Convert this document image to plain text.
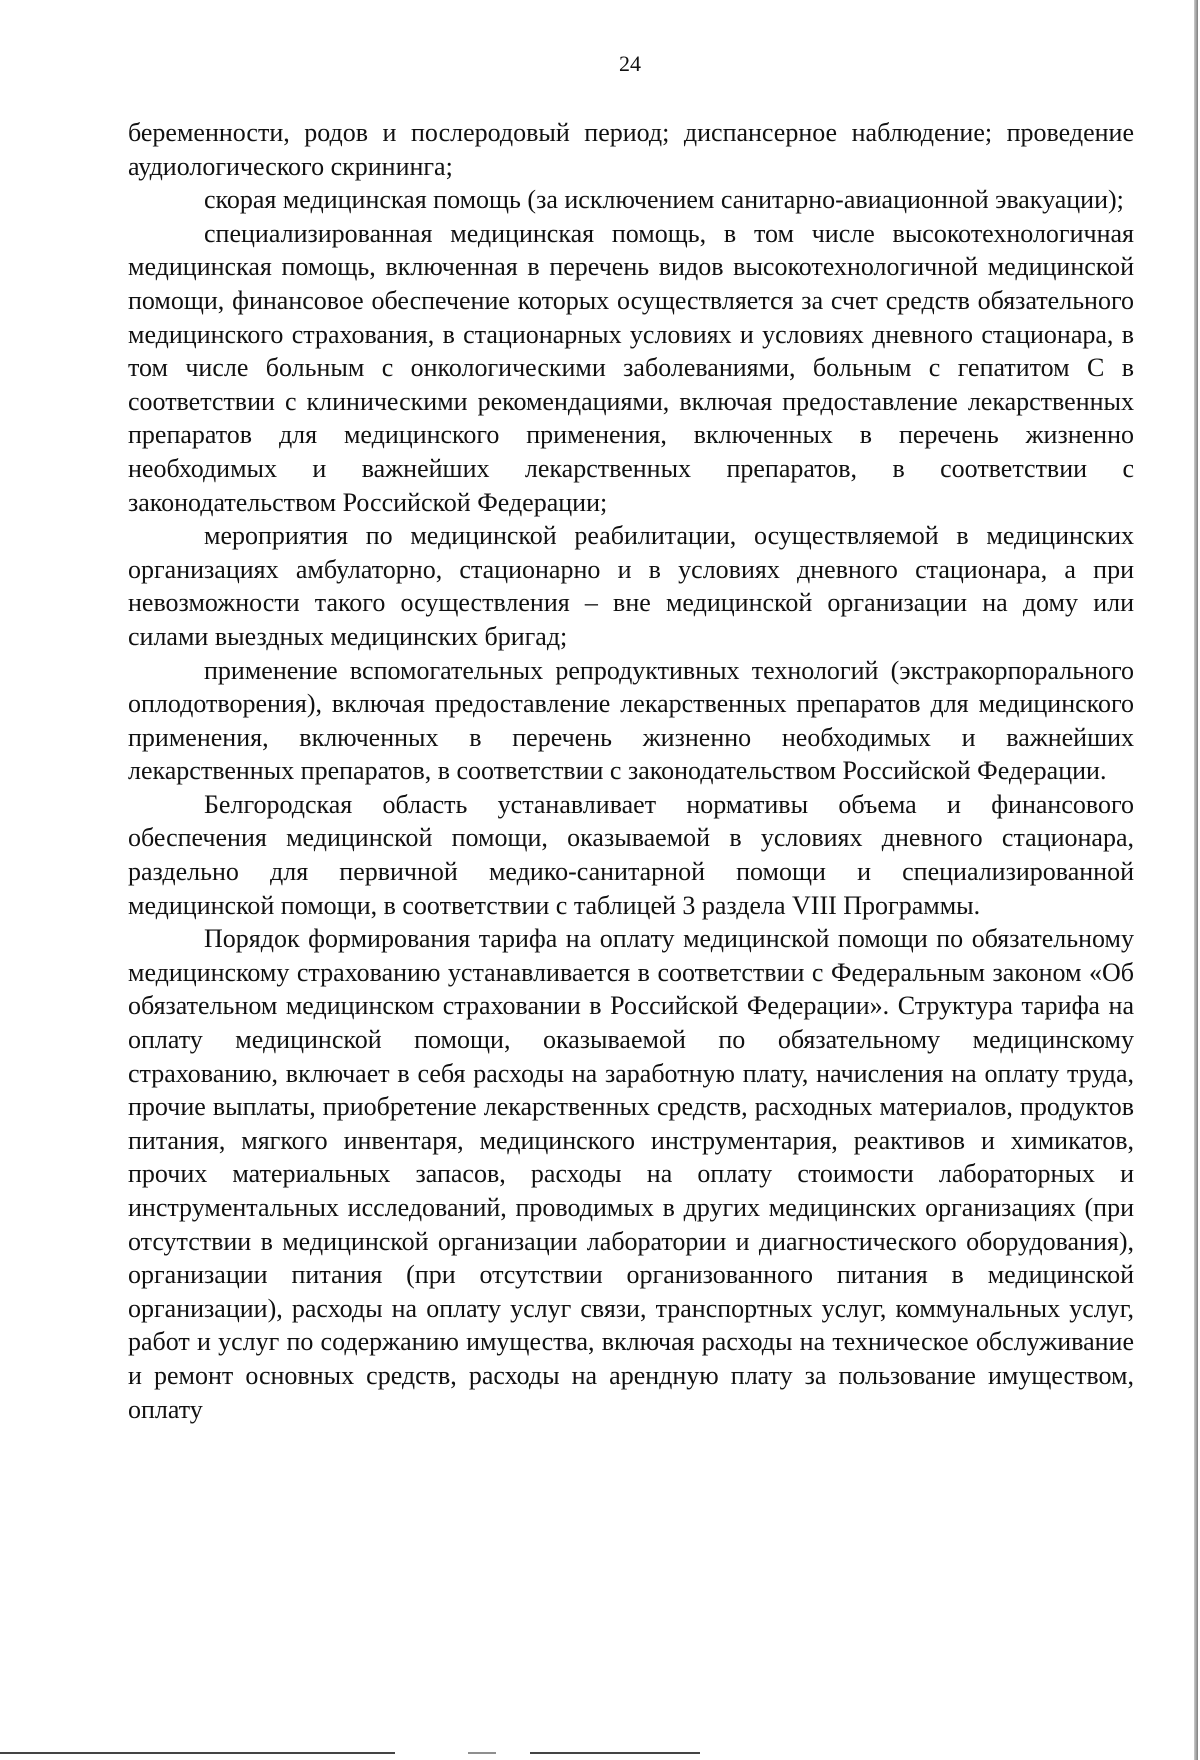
24

беременности, родов и послеродовый период; диспансерное наблюдение; проведение аудиологического скрининга;

скорая медицинская помощь (за исключением санитарно-авиационной эвакуации);

специализированная медицинская помощь, в том числе высокотехнологичная медицинская помощь, включенная в перечень видов высокотехнологичной медицинской помощи, финансовое обеспечение которых осуществляется за счет средств обязательного медицинского страхования, в стационарных условиях и условиях дневного стационара, в том числе больным с онкологическими заболеваниями, больным с гепатитом С в соответствии с клиническими рекомендациями, включая предоставление лекарственных препаратов для медицинского применения, включенных в перечень жизненно необходимых и важнейших лекарственных препаратов, в соответствии с законодательством Российской Федерации;

мероприятия по медицинской реабилитации, осуществляемой в медицинских организациях амбулаторно, стационарно и в условиях дневного стационара, а при невозможности такого осуществления – вне медицинской организации на дому или силами выездных медицинских бригад;

применение вспомогательных репродуктивных технологий (экстракорпорального оплодотворения), включая предоставление лекарственных препаратов для медицинского применения, включенных в перечень жизненно необходимых и важнейших лекарственных препаратов, в соответствии с законодательством Российской Федерации.

Белгородская область устанавливает нормативы объема и финансового обеспечения медицинской помощи, оказываемой в условиях дневного стационара, раздельно для первичной медико-санитарной помощи и специализированной медицинской помощи, в соответствии с таблицей 3 раздела VIII Программы.

Порядок формирования тарифа на оплату медицинской помощи по обязательному медицинскому страхованию устанавливается в соответствии с Федеральным законом «Об обязательном медицинском страховании в Российской Федерации». Структура тарифа на оплату медицинской помощи, оказываемой по обязательному медицинскому страхованию, включает в себя расходы на заработную плату, начисления на оплату труда, прочие выплаты, приобретение лекарственных средств, расходных материалов, продуктов питания, мягкого инвентаря, медицинского инструментария, реактивов и химикатов, прочих материальных запасов, расходы на оплату стоимости лабораторных и инструментальных исследований, проводимых в других медицинских организациях (при отсутствии в медицинской организации лаборатории и диагностического оборудования), организации питания (при отсутствии организованного питания в медицинской организации), расходы на оплату услуг связи, транспортных услуг, коммунальных услуг, работ и услуг по содержанию имущества, включая расходы на техническое обслуживание и ремонт основных средств, расходы на арендную плату за пользование имуществом, оплату
